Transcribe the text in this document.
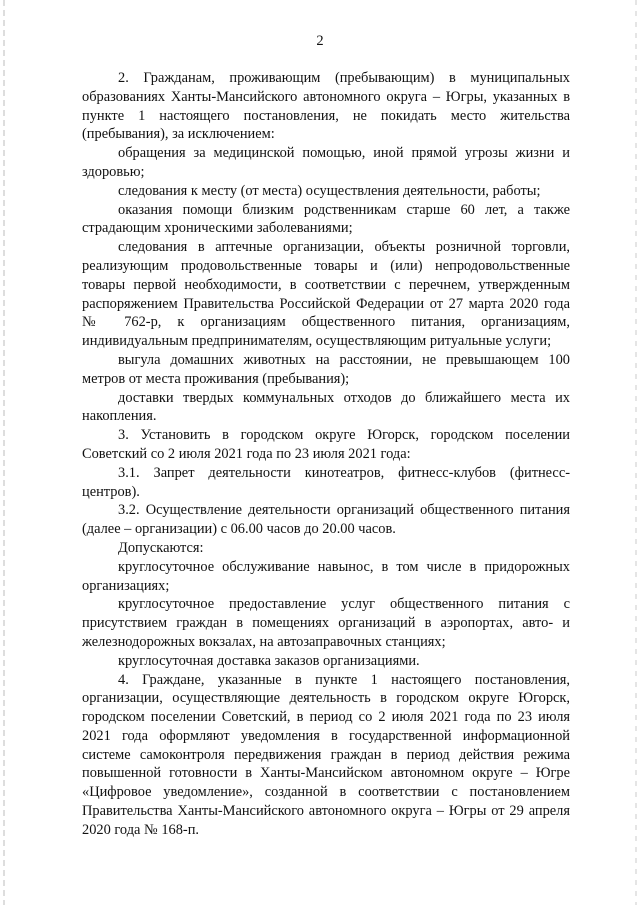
2

2. Гражданам, проживающим (пребывающим) в муниципальных образованиях Ханты-Мансийского автономного округа – Югры, указанных в пункте 1 настоящего постановления, не покидать место жительства (пребывания), за исключением:

обращения за медицинской помощью, иной прямой угрозы жизни и здоровью;

следования к месту (от места) осуществления деятельности, работы;

оказания помощи близким родственникам старше 60 лет, а также страдающим хроническими заболеваниями;

следования в аптечные организации, объекты розничной торговли, реализующим продовольственные товары и (или) непродовольственные товары первой необходимости, в соответствии с перечнем, утвержденным распоряжением Правительства Российской Федерации от 27 марта 2020 года № 762-р, к организациям общественного питания, организациям, индивидуальным предпринимателям, осуществляющим ритуальные услуги;

выгула домашних животных на расстоянии, не превышающем 100 метров от места проживания (пребывания);

доставки твердых коммунальных отходов до ближайшего места их накопления.

3. Установить в городском округе Югорск, городском поселении Советский со 2 июля 2021 года по 23 июля 2021 года:

3.1. Запрет деятельности кинотеатров, фитнесс-клубов (фитнесс-центров).

3.2. Осуществление деятельности организаций общественного питания (далее – организации) с 06.00 часов до 20.00 часов.

Допускаются:

круглосуточное обслуживание навынос, в том числе в придорожных организациях;

круглосуточное предоставление услуг общественного питания с присутствием граждан в помещениях организаций в аэропортах, авто- и железнодорожных вокзалах, на автозаправочных станциях;

круглосуточная доставка заказов организациями.

4. Граждане, указанные в пункте 1 настоящего постановления, организации, осуществляющие деятельность в городском округе Югорск, городском поселении Советский, в период со 2 июля 2021 года по 23 июля 2021 года оформляют уведомления в государственной информационной системе самоконтроля передвижения граждан в период действия режима повышенной готовности в Ханты-Мансийском автономном округе – Югре «Цифровое уведомление», созданной в соответствии с постановлением Правительства Ханты-Мансийского автономного округа – Югры от 29 апреля 2020 года № 168-п.
